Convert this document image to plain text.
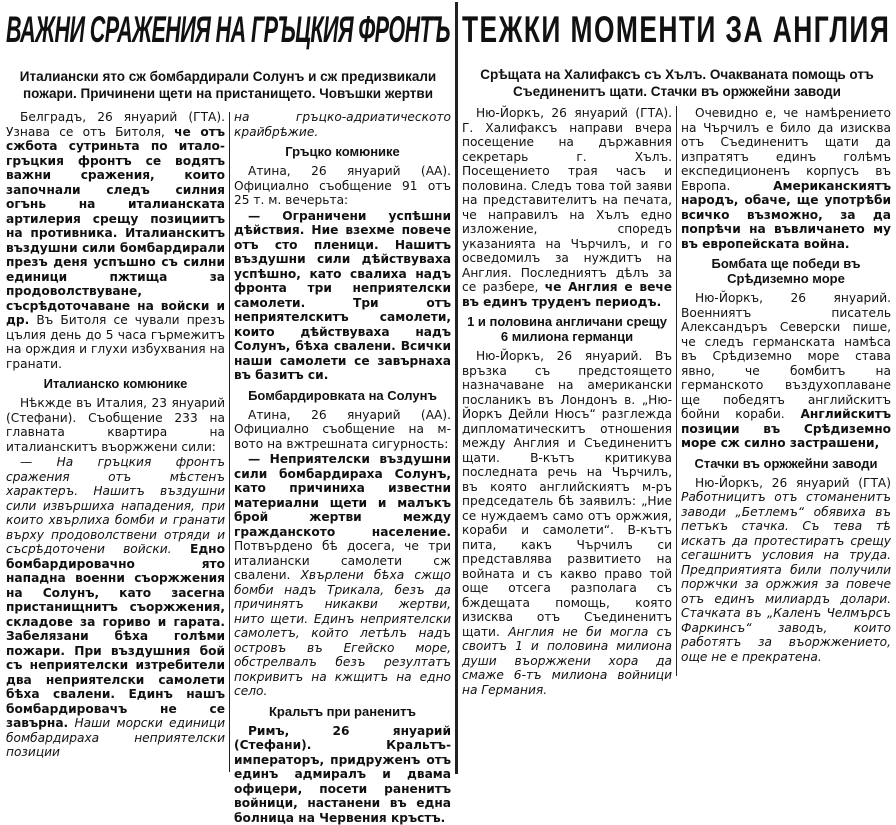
ВАЖНИ СРАЖЕНИЯ НА ГРЪЦКИЯ ФРОНТЪ ТЕЖКИ МОМЕНТИ ЗА АНГЛИЯ
Италиански ято сж бомбардирали Солунъ и сж предизвикали пожари. Причинени щети на пристанището. Човъшки жертви
Срѣщата на Халифаксъ съ Хълъ. Очакваната помощь отъ Съединенитъ щати. Стачки въ оржжейни заводи

Белградъ, 26 януарий (ГТА). Узнава се отъ Битоля, че отъ сжбота сутриньта по итало-гръцкия фронтъ се водятъ важни сражения, които започнали следъ силния огънь на италианската артилерия срещу позициитъ на противника. Италианскитъ въздушни сили бомбардирали презъ деня успъшно съ силни единици пжтища за продоволствуване, съсрѣдоточаване на войски и др. Въ Битоля се чували презъ цълия день до 5 часа гърмежитъ на орждия и глухи избухвания на гранати.

Италианско комюнике

Нѣкжде въ Италия, 23 януарий (Стефани). Съобщение 233 на главната квартира на италианскитъ въоржжени сили:

— На гръцкия фронтъ сражения отъ мѣстенъ характеръ. Нашитъ въздушни сили извършиха нападения, при които хвърлиха бомби и гранати върху продоволствени отряди и съсрѣдоточени войски. Едно бомбардировачно ято нападна военни съоржжения на Солунъ, като засегна пристанищнитъ съоржжения, складове за гориво и гарата. Забелязани бѣха голѣми пожари. При въздушния бой съ неприятелски изтребители два неприятелски самолети бѣха свалени. Единъ нашъ бомбардировачъ не се завърна. Наши морски единици бомбардираха неприятелски позиции

на гръцко-адриатическото крайбрѣжие.

Гръцко комюнике

Атина, 26 януарий (АА). Официално съобщение 91 отъ 25 т. м. вечерьта:

— Ограничени успѣшни дѣйствия. Ние взехме повече отъ сто пленици. Нашитъ въздушни сили дѣйствуваха успѣшно, като свалиха надъ фронта три неприятелски самолети. Три отъ неприятелскитъ самолети, които дѣйствуваха надъ Солунъ, бѣха свалени. Всички наши самолети се завърнаха въ базитъ си.

Бомбардировката на Солунъ

Атина, 26 януарий (АА). Официално съобщение на м-вото на вжтрешната сигурность:

— Неприятелски въздушни сили бомбардираха Солунъ, като причиниха известни материални щети и малъкъ брой жертви между гражданското население. Потвърдено бѣ досега, че три италиански самолети сж свалени. Хвърлени бѣха сжщо бомби надъ Трикала, безъ да причинятъ никакви жертви, нито щети. Единъ неприятелски самолетъ, който летѣлъ надъ островъ въ Егейско море, обстрелвалъ безъ резултатъ покривитъ на кжщитъ на едно село.

Кральтъ при раненитъ

Римъ, 26 януарий (Стефани). Кральтъ-императоръ, придруженъ отъ единъ адмиралъ и двама офицери, посети раненитъ войници, настанени въ една болница на Червения кръстъ.

Ню-Йоркъ, 26 януарий (ГТА). Г. Халифаксъ направи вчера посещение на държавния секретарь г. Хълъ. Посещението трая часъ и половина. Следъ това той заяви на представителитъ на печата, че направилъ на Хълъ едно изложение, споредъ указанията на Чърчилъ, и го осведомилъ за нуждитъ на Англия. Последниятъ дѣлъ за се разбере, че Англия е вече въ единъ труденъ периодъ.

1 и половина англичани срещу 6 милиона германци

Ню-Йоркъ, 26 януарий. Въ връзка съ предстоящето назначаване на американски посланикъ въ Лондонъ в. „Ню-Йоркъ Дейли Нюсъ“ разглежда дипломатическитъ отношения между Англия и Съединенитъ щати. В-кътъ критикува последната речь на Чърчилъ, въ която английскиятъ м-ръ председатель бѣ заявилъ: „Ние се нуждаемъ само отъ оржжия, кораби и самолети“. В-кътъ пита, какъ Чърчилъ си представлява развитието на войната и съ какво право той още отсега разполага съ бждещата помощь, която изисква отъ Съединенитъ щати. Англия не би могла съ своитъ 1 и половина милиона души въоржжени хора да смаже 6-тъ милиона войници на Германия.

Очевидно е, че намѣрението на Чърчилъ е било да изисква отъ Съединенитъ щати да изпратятъ единъ голѣмъ експедиционенъ корпусъ въ Европа. Американскиятъ народъ, обаче, ще употрѣби всичко възможно, за да попрѣчи на въвличането му въ европейската война.

Бомбата ще победи въ Срѣдиземно море

Ню-Йоркъ, 26 януарий. Военниятъ писатель Александъръ Северски пише, че следъ германската намѣса въ Срѣдиземно море става явно, че бомбитъ на германското въздухоплаване ще победятъ английскитъ бойни кораби. Английскитъ позиции въ Срѣдиземно море сж силно застрашени,

Стачки въ оржжейни заводи

Ню-Йоркъ, 26 януарий (ГТА) Работницитъ отъ стоманенитъ заводи „Бетлемъ“ обявиха въ петъкъ стачка. Съ тева тѣ искатъ да протестиратъ срещу сегашнитъ условия на труда. Предприятията били получили поржчки за оржжия за повече отъ единъ милиардъ долари. Стачката въ „Каленъ Челмърсъ Фаркинсъ“ заводъ, които работятъ за въоржжението, още не е прекратена.
